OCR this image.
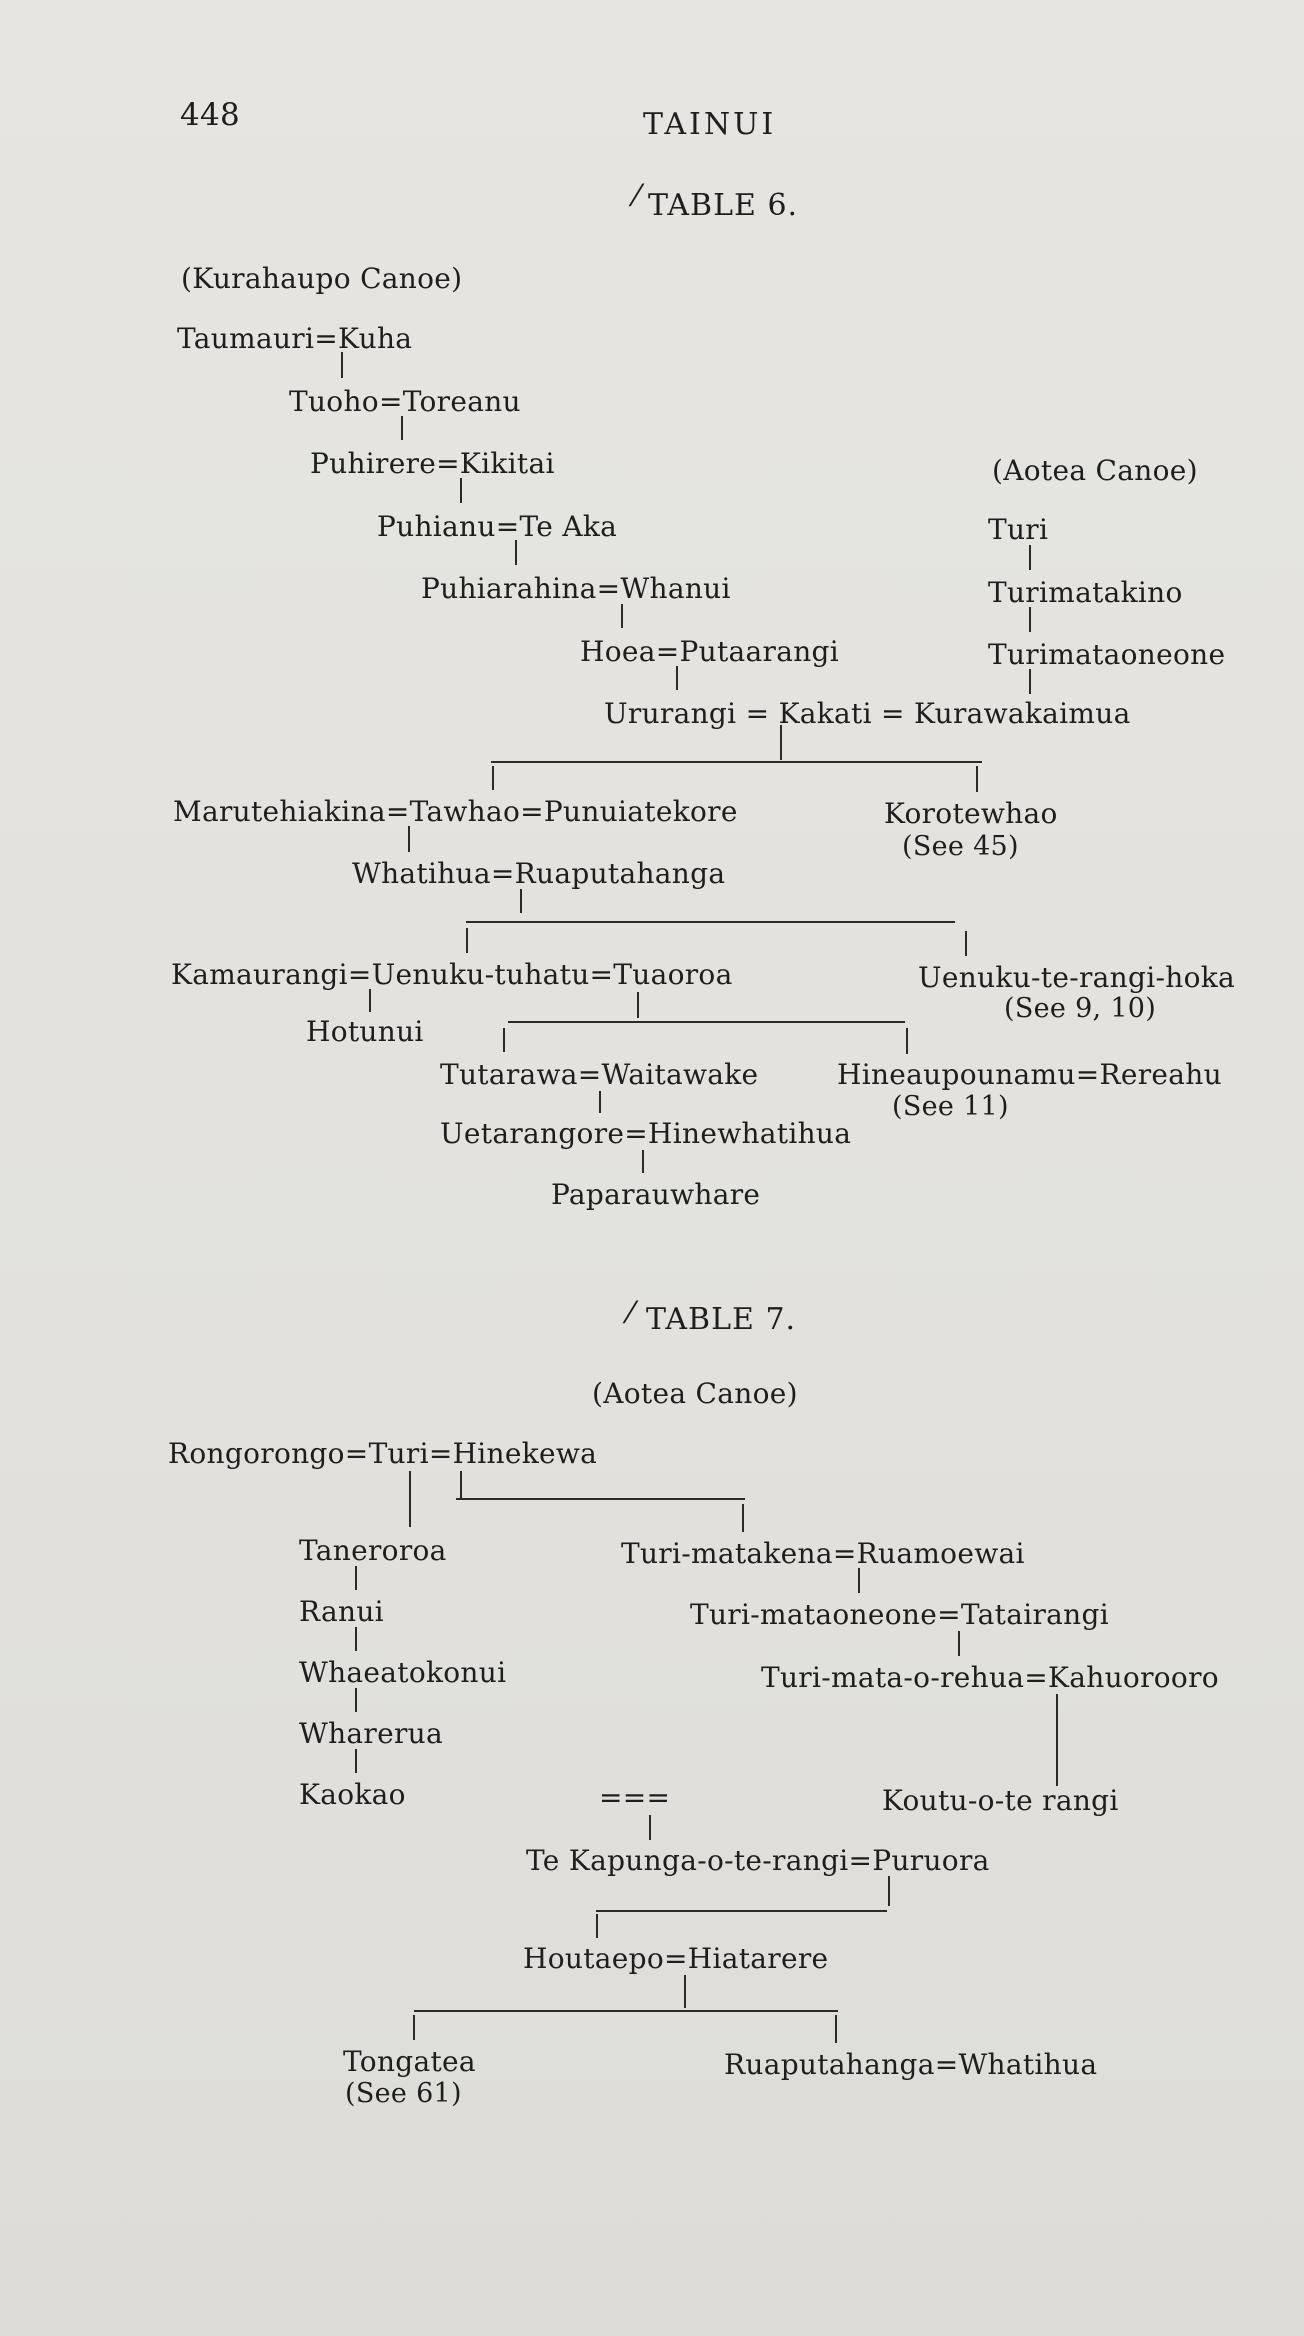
448	TAINUI
⁄ TABLE 6.
(Kurahaupo Canoe)
Taumauri=Kuha
Tuoho=Toreanu
Puhirere=Kikitai
Puhianu=Te Aka
Puhiarahina=Whanui
Hoea=Putaarangi
Ururangi = Kakati = Kurawakaimua
(Aotea Canoe)
Turi
Turimatakino
Turimataoneone
Marutehiakina=Tawhao=Punuiatekore	Korotewhao
(See 45)
Whatihua=Ruaputahanga
Kamaurangi=Uenuku-tuhatu=Tuaoroa	Uenuku-te-rangi-hoka
(See 9, 10)
Hotunui
Tutarawa=Waitawake	Hineaupounamu=Rereahu
(See 11)
Uetarangore=Hinewhatihua
Paparauwhare
⁄ TABLE 7.
(Aotea Canoe)
Rongorongo=Turi=Hinekewa
Taneroroa
Ranui
Whaeatokonui
Wharerua
Kaokao
Turi-matakena=Ruamoewai
Turi-mataoneone=Tatairangi
Turi-mata-o-rehua=Kahuorooro
===	Koutu-o-te rangi
Te Kapunga-o-te-rangi=Puruora
Houtaepo=Hiatarere
Tongatea
(See 61)
Ruaputahanga=Whatihua
